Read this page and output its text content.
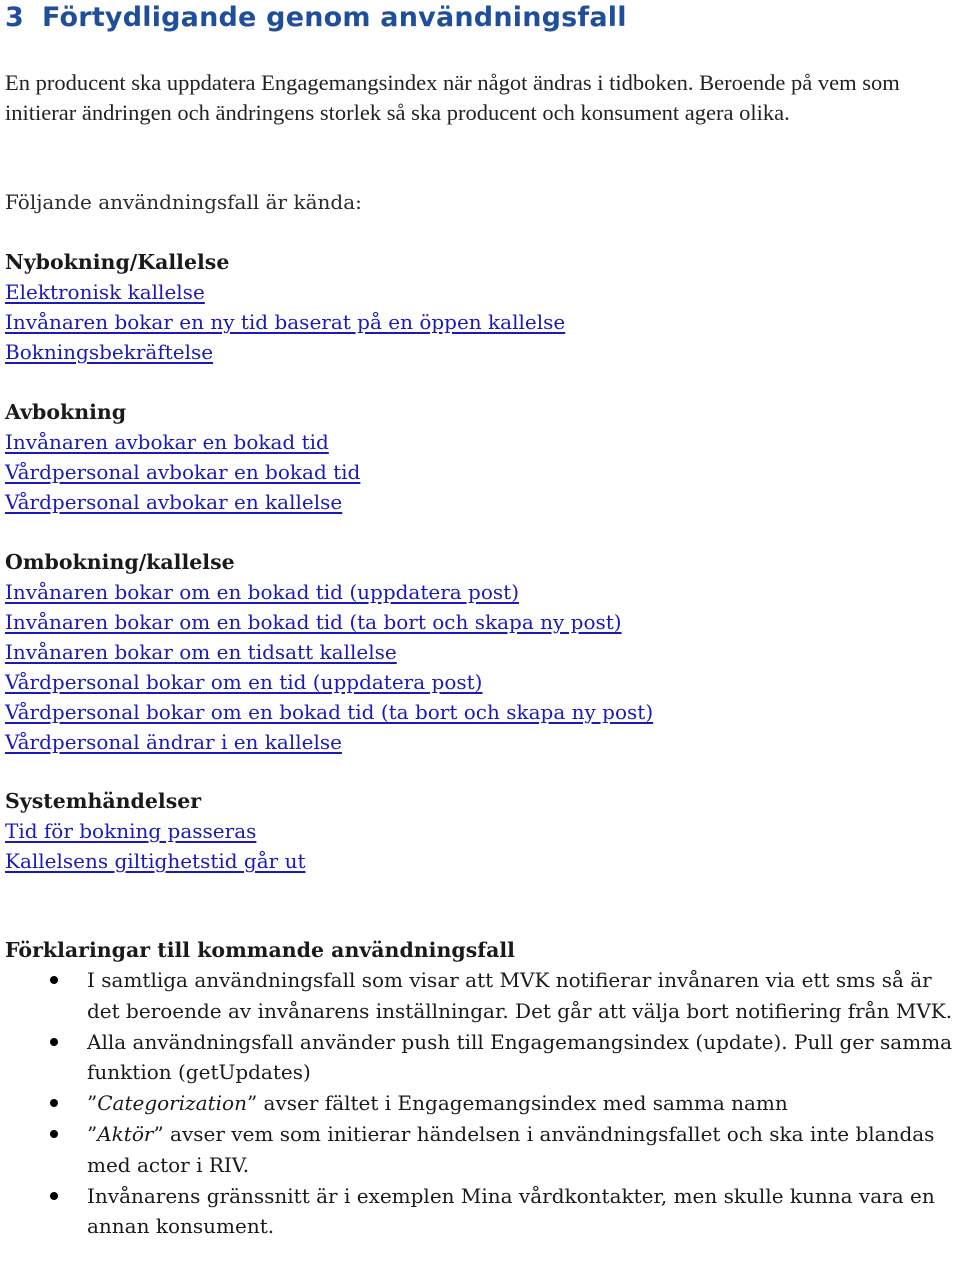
3 Förtydligande genom användningsfall
En producent ska uppdatera Engagemangsindex när något ändras i tidboken. Beroende på vem som initierar ändringen och ändringens storlek så ska producent och konsument agera olika.
Följande användningsfall är kända:

Nybokning/Kallelse

Elektronisk kallelse
Invånaren bokar en ny tid baserat på en öppen kallelse
Bokningsbekräftelse

Avbokning

Invånaren avbokar en bokad tid
Vårdpersonal avbokar en bokad tid
Vårdpersonal avbokar en kallelse

Ombokning/kallelse

Invånaren bokar om en bokad tid (uppdatera post)
Invånaren bokar om en bokad tid (ta bort och skapa ny post)
Invånaren bokar om en tidsatt kallelse
Vårdpersonal bokar om en tid (uppdatera post)
Vårdpersonal bokar om en bokad tid (ta bort och skapa ny post)
Vårdpersonal ändrar i en kallelse

Systemhändelser

Tid för bokning passeras
Kallelsens giltighetstid går ut

Förklaringar till kommande användningsfall

I samtliga användningsfall som visar att MVK notifierar invånaren via ett sms så är det beroende av invånarens inställningar. Det går att välja bort notifiering från MVK.
Alla användningsfall använder push till Engagemangsindex (update). Pull ger samma funktion (getUpdates)
”Categorization” avser fältet i Engagemangsindex med samma namn
”Aktör” avser vem som initierar händelsen i användningsfallet och ska inte blandas med actor i RIV.
Invånarens gränssnitt är i exemplen Mina vårdkontakter, men skulle kunna vara en annan konsument.
